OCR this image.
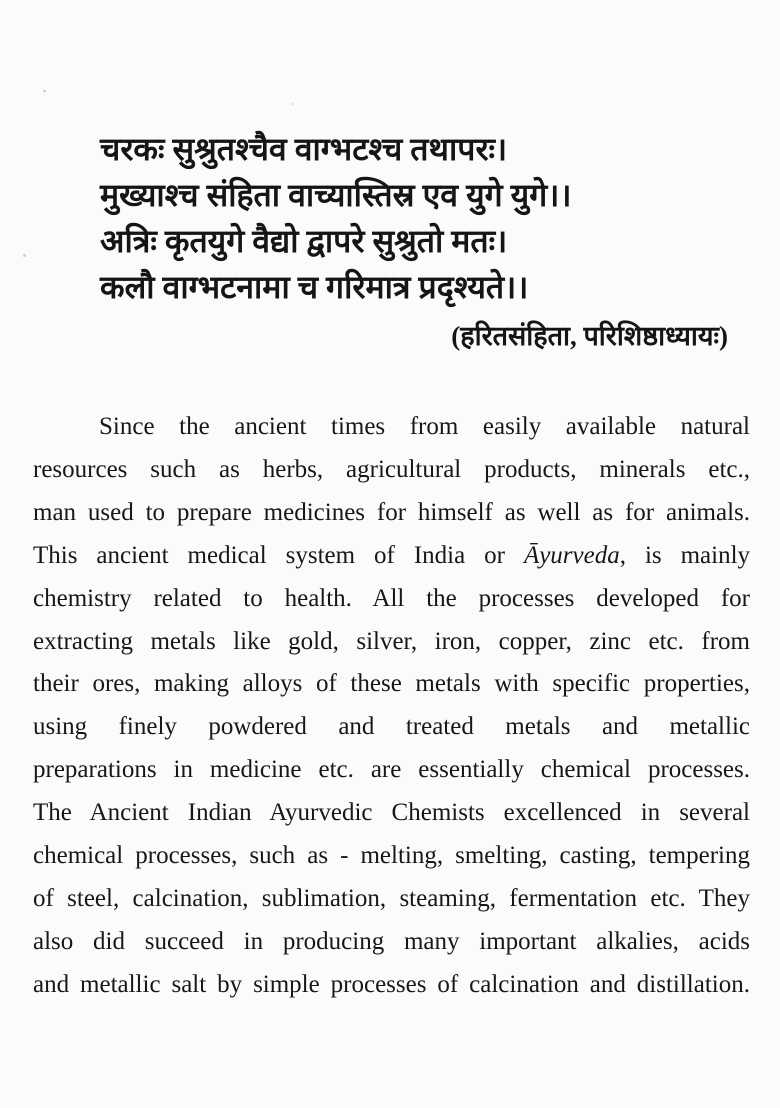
चरकः सुश्रुतश्चैव वाग्भटश्च तथापरः।
मुख्याश्च संहिता वाच्यास्तिस्र एव युगे युगे।।
अत्रिः कृतयुगे वैद्यो द्वापरे सुश्रुतो मतः।
कलौ वाग्भटनामा च गरिमात्र प्रदृश्यते।।
(हरितसंहिता, परिशिष्ठाध्यायः)
Since the ancient times from easily available natural
resources such as herbs, agricultural products, minerals etc.,
man used to prepare medicines for himself as well as for animals.
This ancient medical system of India or Āyurveda, is mainly
chemistry related to health. All the processes developed for
extracting metals like gold, silver, iron, copper, zinc etc. from
their ores, making alloys of these metals with specific properties,
using finely powdered and treated metals and metallic
preparations in medicine etc. are essentially chemical processes.
The Ancient Indian Ayurvedic Chemists excellenced in several
chemical processes, such as - melting, smelting, casting, tempering
of steel, calcination, sublimation, steaming, fermentation etc. They
also did succeed in producing many important alkalies, acids
and metallic salt by simple processes of calcination and distillation.
